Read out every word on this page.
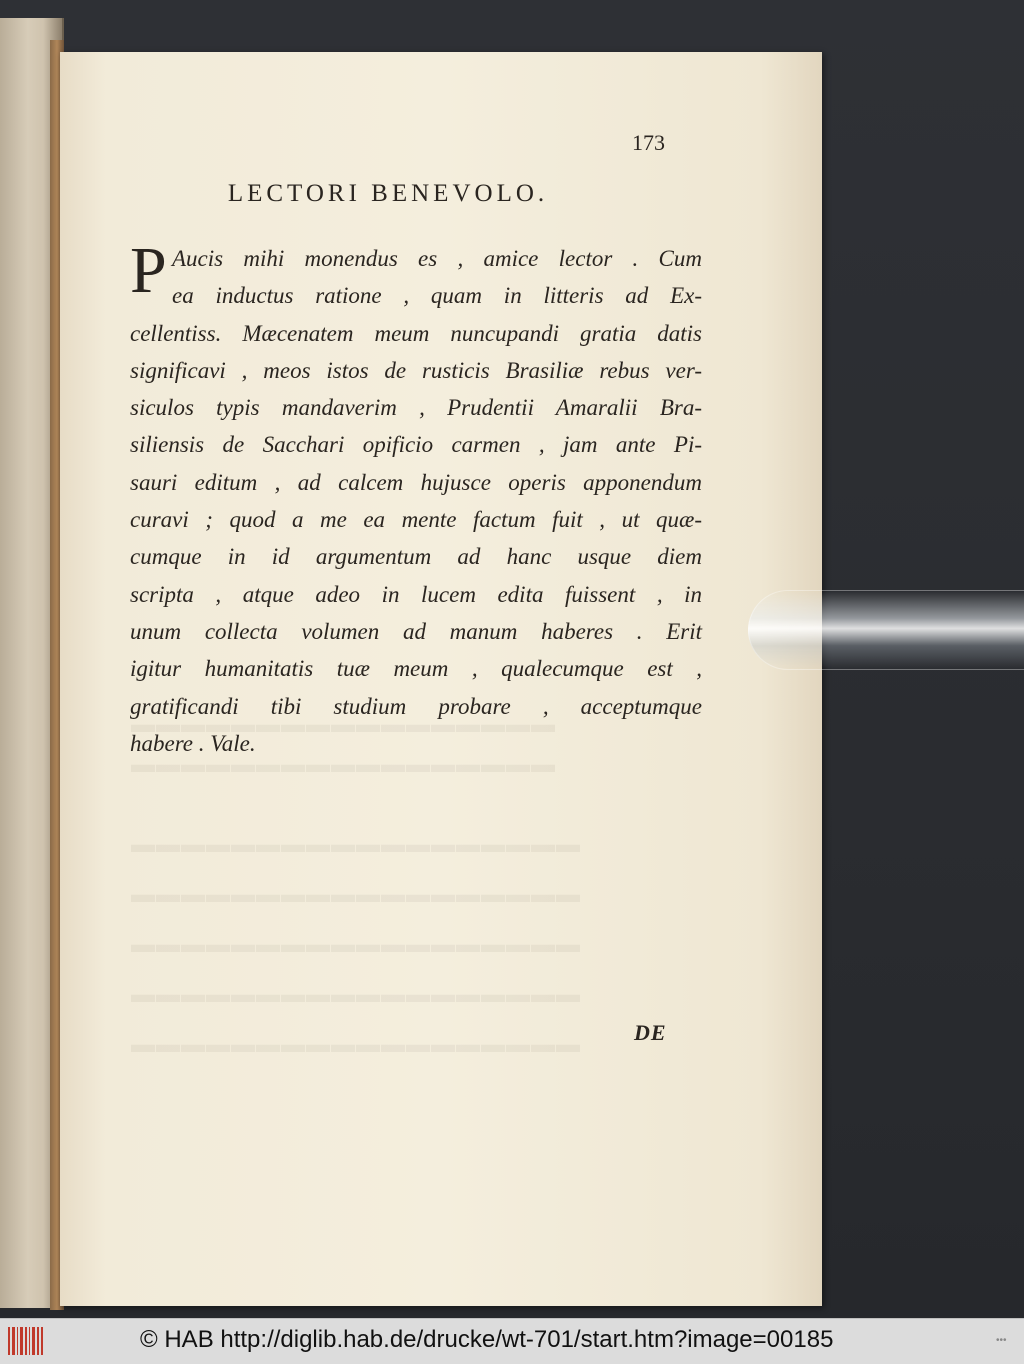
▬▬▬▬▬▬▬▬▬▬▬▬▬▬▬▬▬
▬▬▬▬▬▬▬▬▬▬▬▬▬▬▬▬▬
▬▬▬▬▬▬▬▬▬▬▬▬▬▬▬▬▬▬
▬▬▬▬▬▬▬▬▬▬▬▬▬▬▬▬▬▬
▬▬▬▬▬▬▬▬▬▬▬▬▬▬▬▬▬▬
▬▬▬▬▬▬▬▬▬▬▬▬▬▬▬▬▬▬
▬▬▬▬▬▬▬▬▬▬▬▬▬▬▬▬▬▬

173

LECTORI BENEVOLO.
P Aucis mihi monendus es , amice lector . Cum
ea inductus ratione , quam in litteris ad Ex-
cellentiss. Mæcenatem meum nuncupandi gratia datis
significavi , meos istos de rusticis Brasiliæ rebus ver-
siculos typis mandaverim , Prudentii Amaralii Bra-
siliensis de Sacchari opificio carmen , jam ante Pi-
sauri editum , ad calcem hujusce operis apponendum
curavi ; quod a me ea mente factum fuit , ut quæ-
cumque in id argumentum ad hanc usque diem
scripta , atque adeo in lucem edita fuissent , in
unum collecta volumen ad manum haberes . Erit
igitur humanitatis tuæ meum , qualecumque est ,
gratificandi tibi studium probare , acceptumque
habere . Vale.

DE

© HAB http://diglib.hab.de/drucke/wt-701/start.htm?image=00185	•••
